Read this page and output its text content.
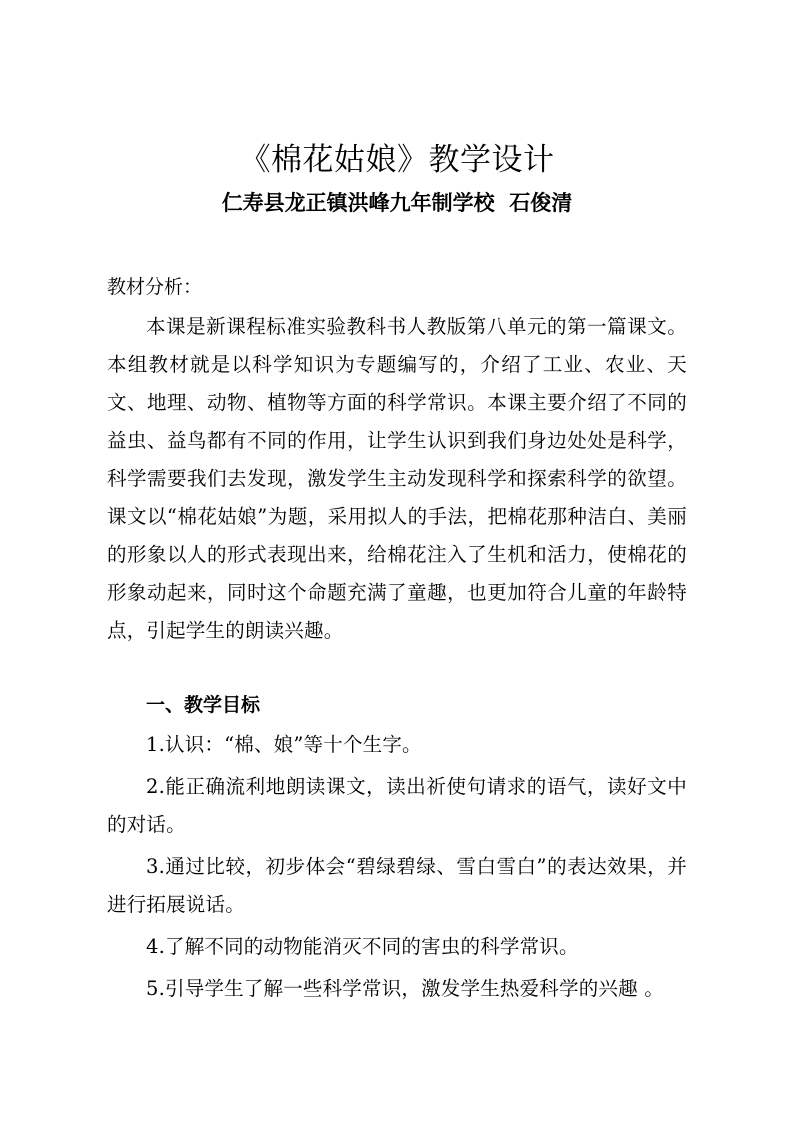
《棉花姑娘》教学设计
仁寿县龙正镇洪峰九年制学校  石俊清
教材分析：

本课是新课程标准实验教科书人教版第八单元的第一篇课文。本组教材就是以科学知识为专题编写的，介绍了工业、农业、天文、地理、动物、植物等方面的科学常识。本课主要介绍了不同的益虫、益鸟都有不同的作用，让学生认识到我们身边处处是科学，科学需要我们去发现，激发学生主动发现科学和探索科学的欲望。课文以“棉花姑娘”为题，采用拟人的手法，把棉花那种洁白、美丽的形象以人的形式表现出来，给棉花注入了生机和活力，使棉花的形象动起来，同时这个命题充满了童趣，也更加符合儿童的年龄特点，引起学生的朗读兴趣。

一、教学目标
1.认识：“棉、娘”等十个生字。
2.能正确流利地朗读课文，读出祈使句请求的语气，读好文中的对话。
3.通过比较，初步体会“碧绿碧绿、雪白雪白”的表达效果，并进行拓展说话。
4.了解不同的动物能消灭不同的害虫的科学常识。
5.引导学生了解一些科学常识，激发学生热爱科学的兴趣 。
